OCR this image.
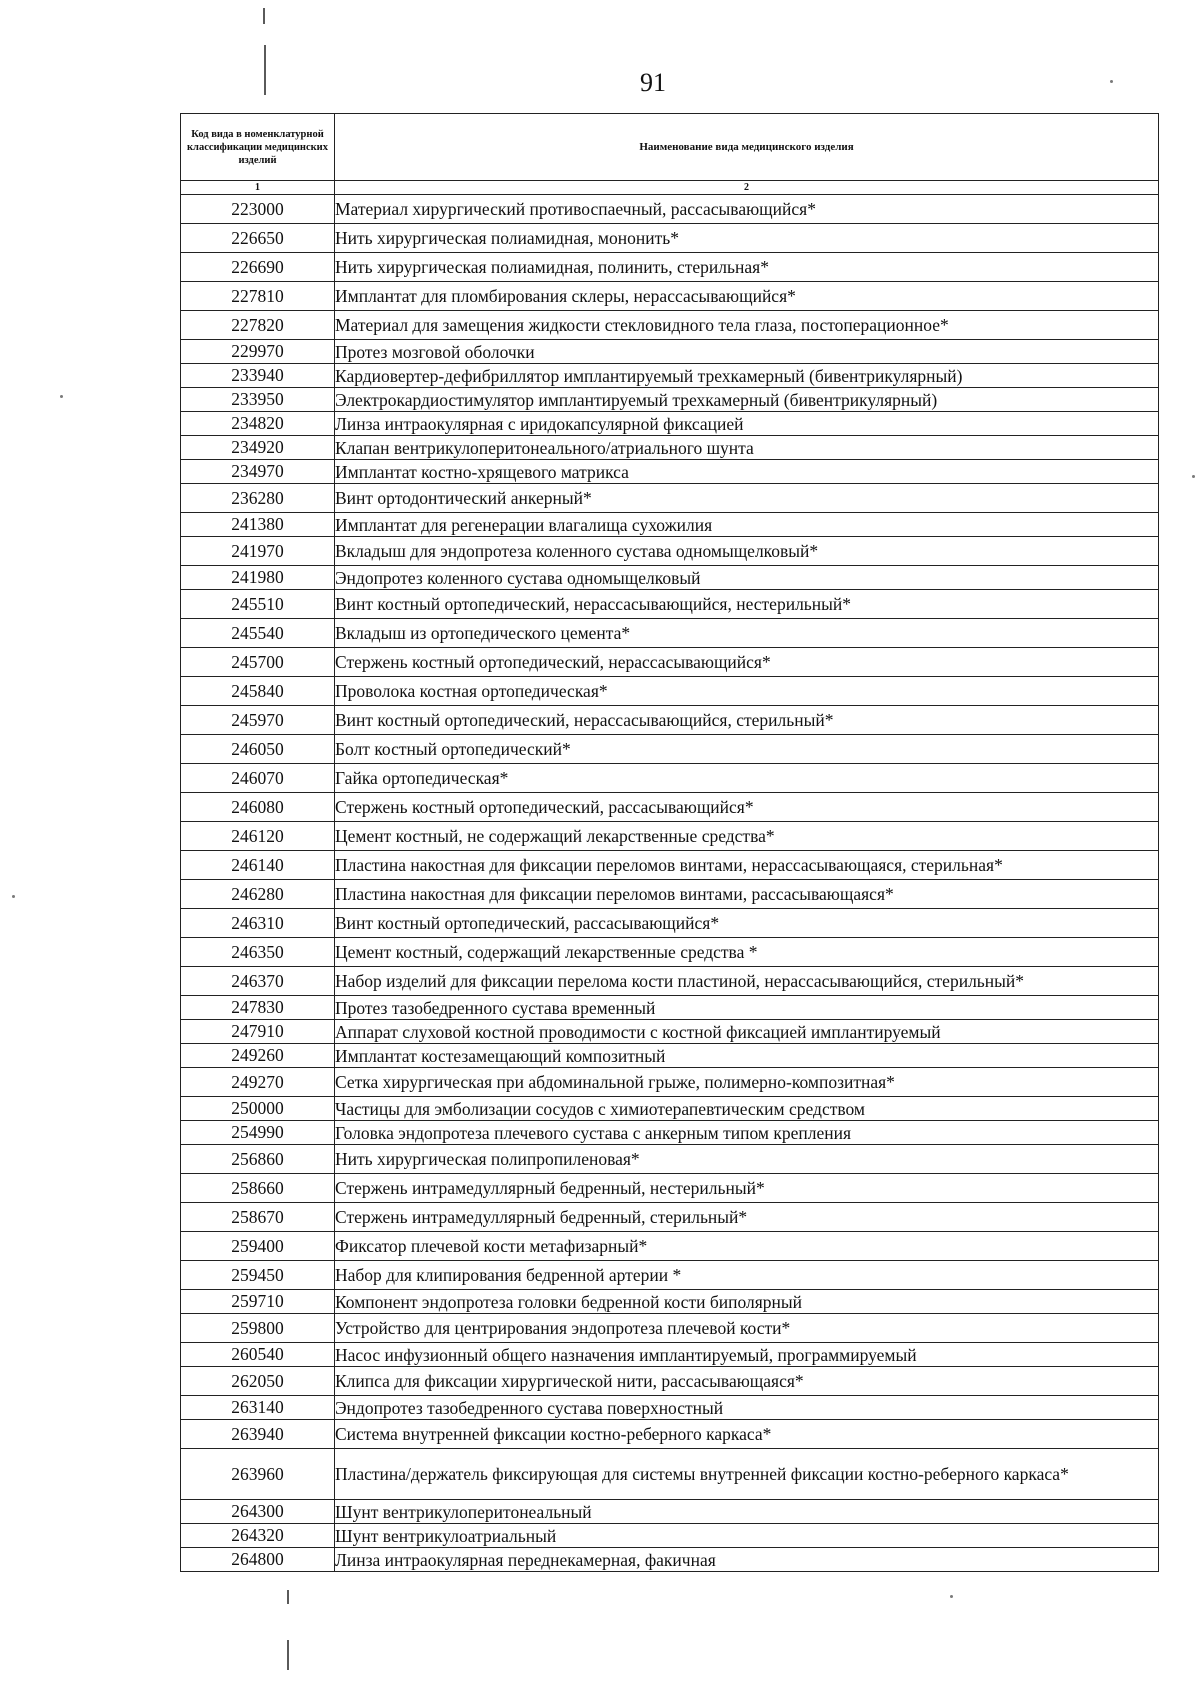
91
Код вида в номенклатурной классификации медицинских изделий	Наименование вида медицинского изделия
1	2
223000	Материал хирургический противоспаечный, рассасывающийся*
226650	Нить хирургическая полиамидная, мононить*
226690	Нить хирургическая полиамидная, полинить, стерильная*
227810	Имплантат для пломбирования склеры, нерассасывающийся*
227820	Материал для замещения жидкости стекловидного тела глаза, постоперационное*
229970	Протез мозговой оболочки
233940	Кардиовертер-дефибриллятор имплантируемый трехкамерный (бивентрикулярный)
233950	Электрокардиостимулятор имплантируемый трехкамерный (бивентрикулярный)
234820	Линза интраокулярная с иридокапсулярной фиксацией
234920	Клапан вентрикулоперитонеального/атриального шунта
234970	Имплантат костно-хрящевого матрикса
236280	Винт ортодонтический анкерный*
241380	Имплантат для регенерации влагалища сухожилия
241970	Вкладыш для эндопротеза коленного сустава одномыщелковый*
241980	Эндопротез коленного сустава одномыщелковый
245510	Винт костный ортопедический, нерассасывающийся, нестерильный*
245540	Вкладыш из ортопедического цемента*
245700	Стержень костный ортопедический, нерассасывающийся*
245840	Проволока костная ортопедическая*
245970	Винт костный ортопедический, нерассасывающийся, стерильный*
246050	Болт костный ортопедический*
246070	Гайка ортопедическая*
246080	Стержень костный ортопедический, рассасывающийся*
246120	Цемент костный, не содержащий лекарственные средства*
246140	Пластина накостная для фиксации переломов винтами, нерассасывающаяся, стерильная*
246280	Пластина накостная для фиксации переломов винтами, рассасывающаяся*
246310	Винт костный ортопедический, рассасывающийся*
246350	Цемент костный, содержащий лекарственные средства *
246370	Набор изделий для фиксации перелома кости пластиной, нерассасывающийся, стерильный*
247830	Протез тазобедренного сустава временный
247910	Аппарат слуховой костной проводимости с костной фиксацией имплантируемый
249260	Имплантат костезамещающий композитный
249270	Сетка хирургическая при абдоминальной грыже, полимерно-композитная*
250000	Частицы для эмболизации сосудов с химиотерапевтическим средством
254990	Головка эндопротеза плечевого сустава с анкерным типом крепления
256860	Нить хирургическая полипропиленовая*
258660	Стержень интрамедуллярный бедренный, нестерильный*
258670	Стержень интрамедуллярный бедренный, стерильный*
259400	Фиксатор плечевой кости метафизарный*
259450	Набор для клипирования бедренной артерии *
259710	Компонент эндопротеза головки бедренной кости биполярный
259800	Устройство для центрирования эндопротеза плечевой кости*
260540	Насос инфузионный общего назначения имплантируемый, программируемый
262050	Клипса для фиксации хирургической нити, рассасывающаяся*
263140	Эндопротез тазобедренного сустава поверхностный
263940	Система внутренней фиксации костно-реберного каркаса*
263960	Пластина/держатель фиксирующая для системы внутренней фиксации костно-реберного каркаса*
264300	Шунт вентрикулоперитонеальный
264320	Шунт вентрикулоатриальный
264800	Линза интраокулярная переднекамерная, факичная
